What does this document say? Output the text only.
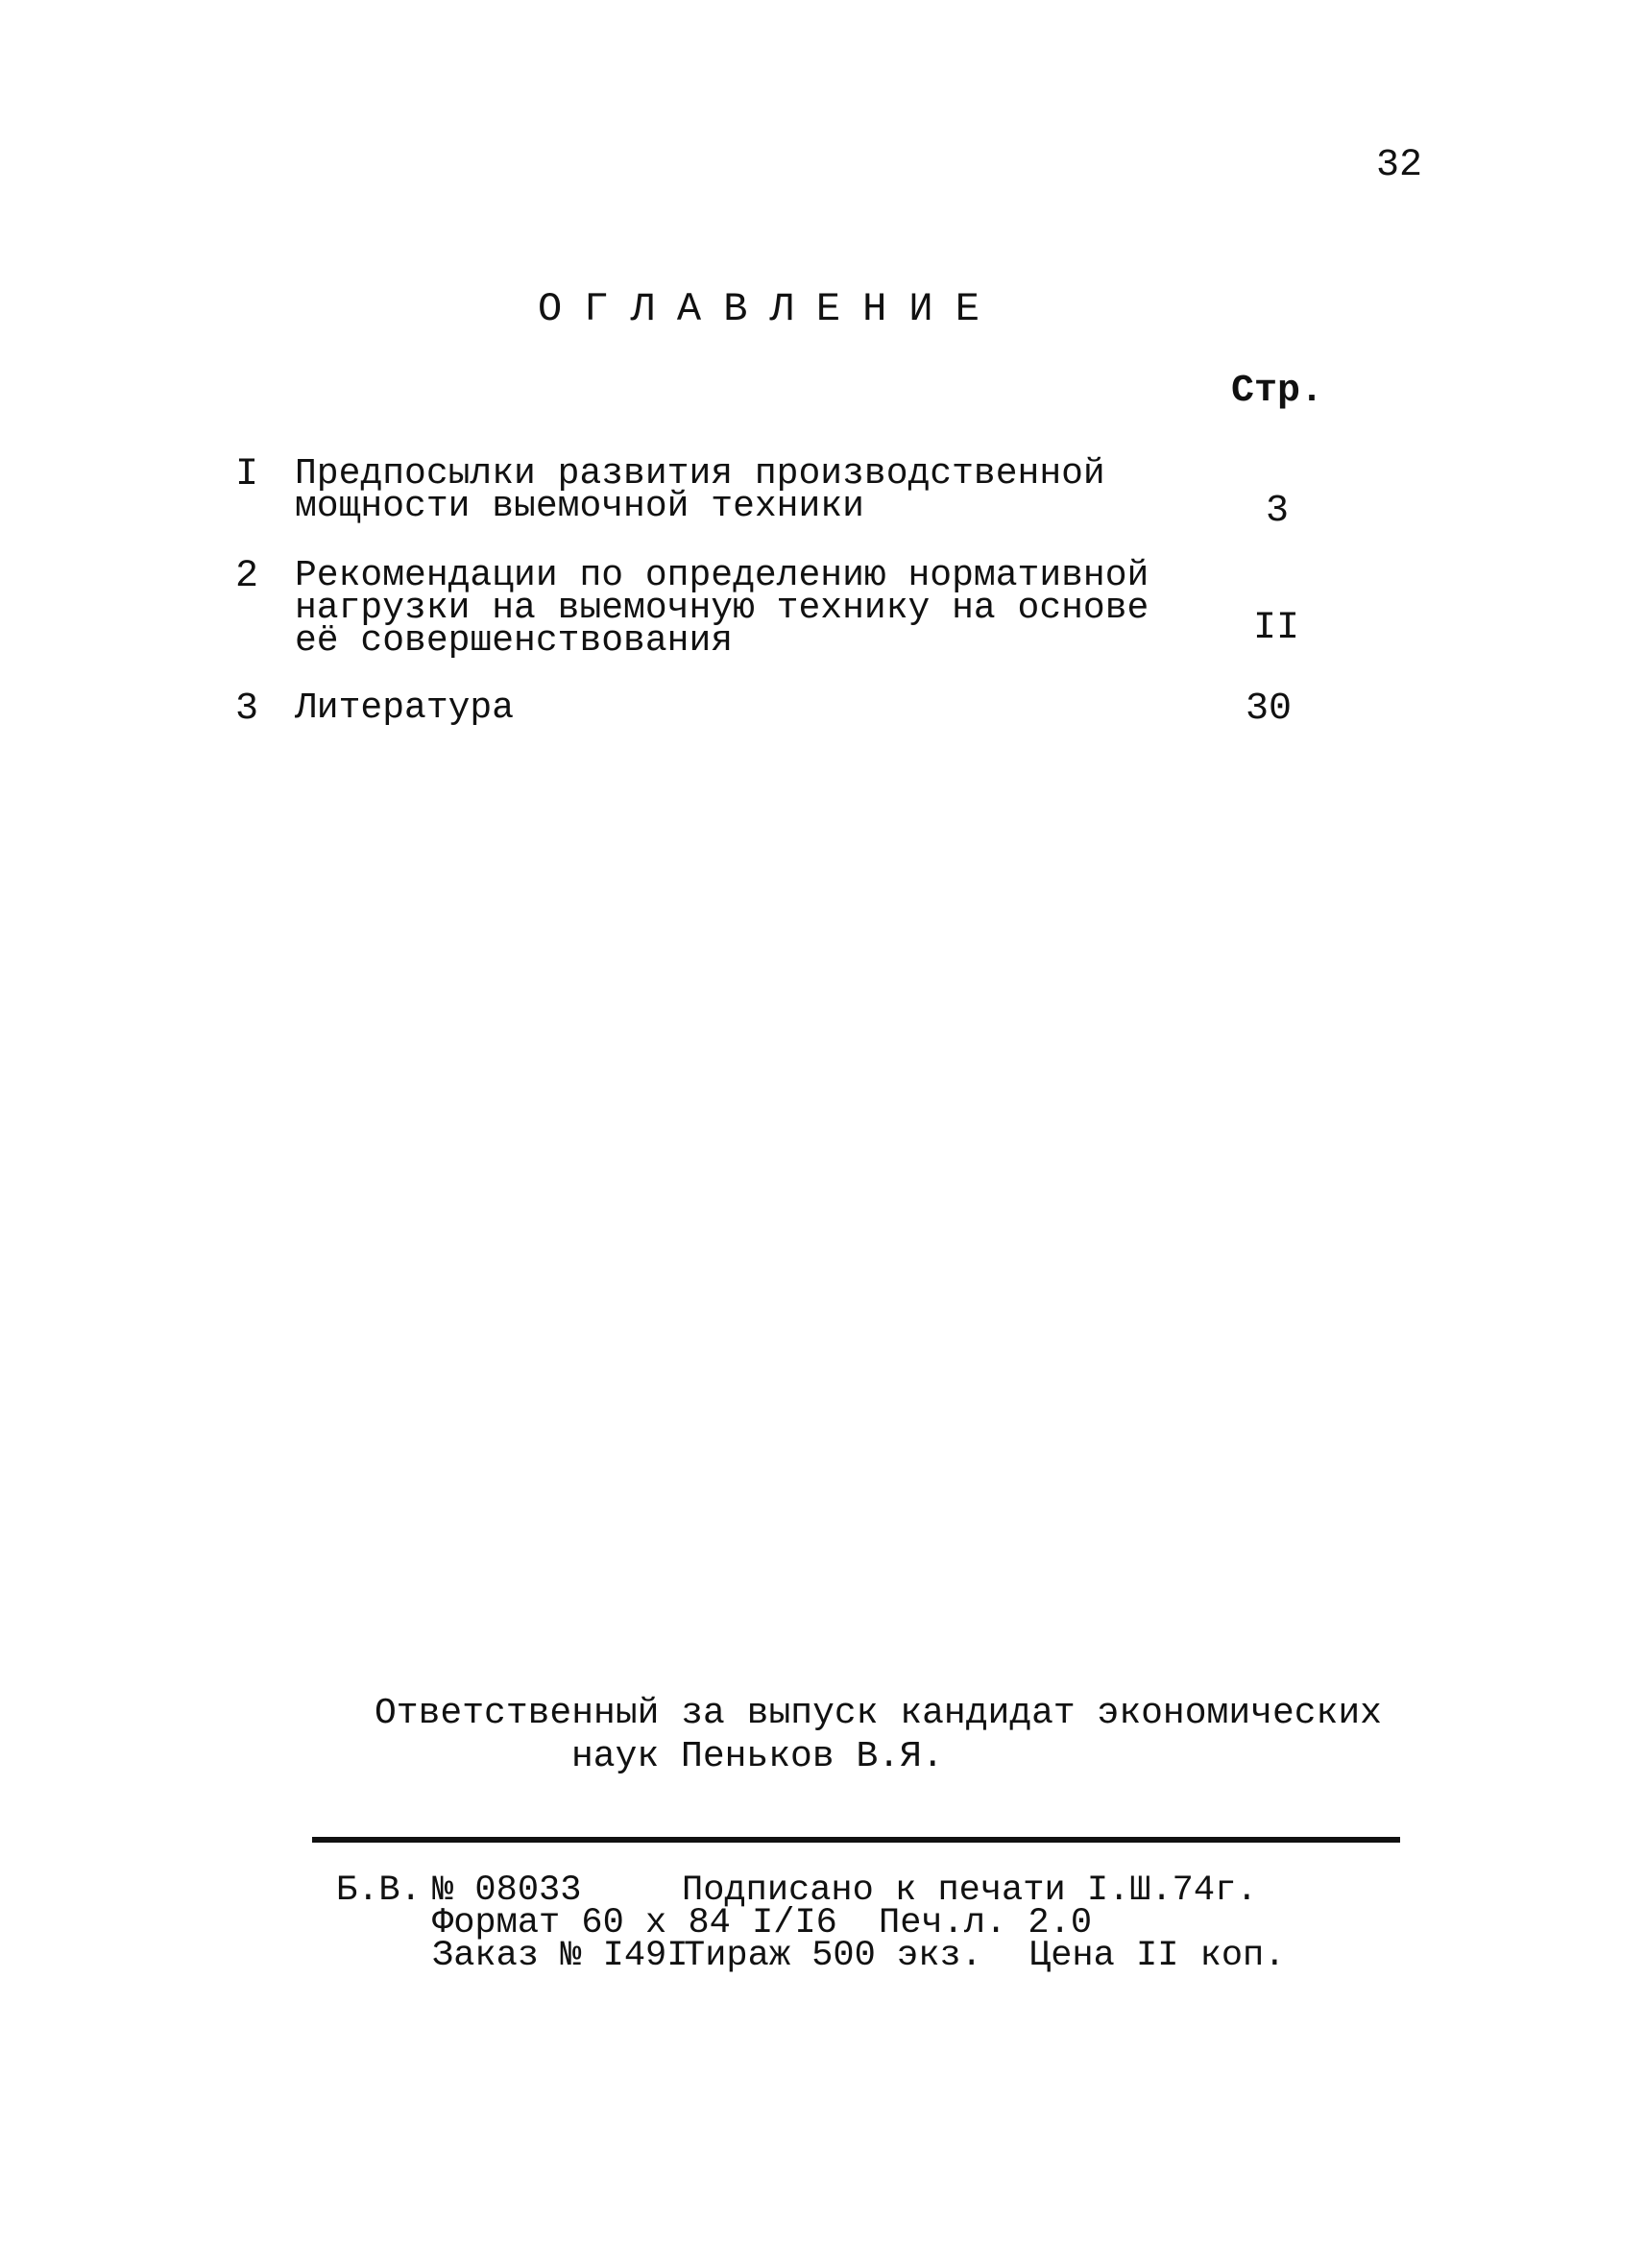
32
ОГЛАВЛЕНИЕ
Стр.
I Предпосылки развития производственной
мощности выемочной техники	3
2 Рекомендации по определению нормативной
нагрузки на выемочную технику на основе
её совершенствования	II
3 Литература	30
Ответственный за выпуск кандидат экономических
наук Пеньков В.Я.
Б.В. № 08033	Подписано к печати I.Ш.74г.
Формат 60 х 84 I/I6 Печ.л. 2.0
Заказ № I49I
Тираж 500 экз. Цена II коп.
